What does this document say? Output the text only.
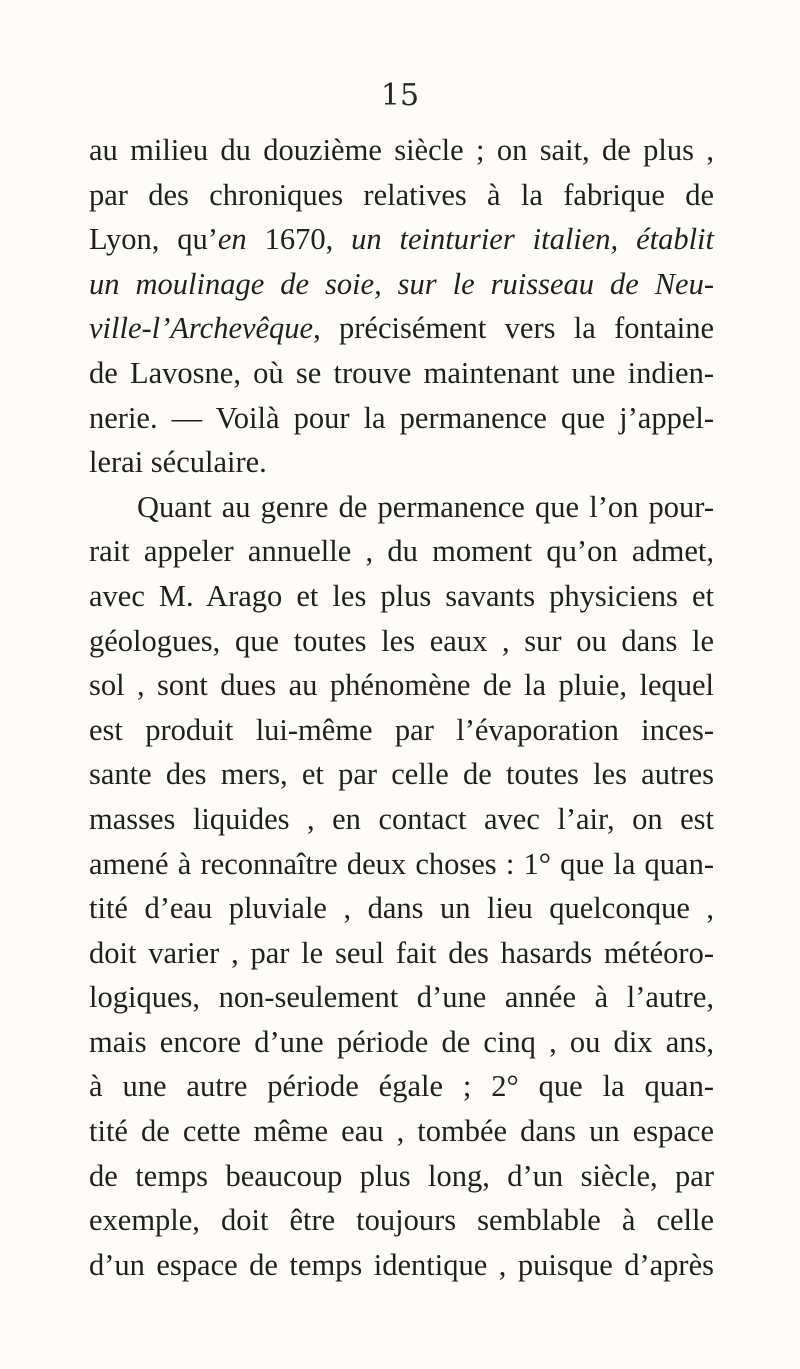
15
au milieu du douzième siècle ; on sait, de plus ,
par des chroniques relatives à la fabrique de
Lyon, qu’en 1670, un teinturier italien, établit
un moulinage de soie, sur le ruisseau de Neu-
ville-l’Archevêque, précisément vers la fontaine
de Lavosne, où se trouve maintenant une indien-
nerie. — Voilà pour la permanence que j’appel-
lerai séculaire.
Quant au genre de permanence que l’on pour-
rait appeler annuelle , du moment qu’on admet,
avec M. Arago et les plus savants physiciens et
géologues, que toutes les eaux , sur ou dans le
sol , sont dues au phénomène de la pluie, lequel
est produit lui-même par l’évaporation inces-
sante des mers, et par celle de toutes les autres
masses liquides , en contact avec l’air, on est
amené à reconnaître deux choses : 1° que la quan-
tité d’eau pluviale , dans un lieu quelconque ,
doit varier , par le seul fait des hasards météoro-
logiques, non-seulement d’une année à l’autre,
mais encore d’une période de cinq , ou dix ans,
à une autre période égale ; 2° que la quan-
tité de cette même eau , tombée dans un espace
de temps beaucoup plus long, d’un siècle, par
exemple, doit être toujours semblable à celle
d’un espace de temps identique , puisque d’après
